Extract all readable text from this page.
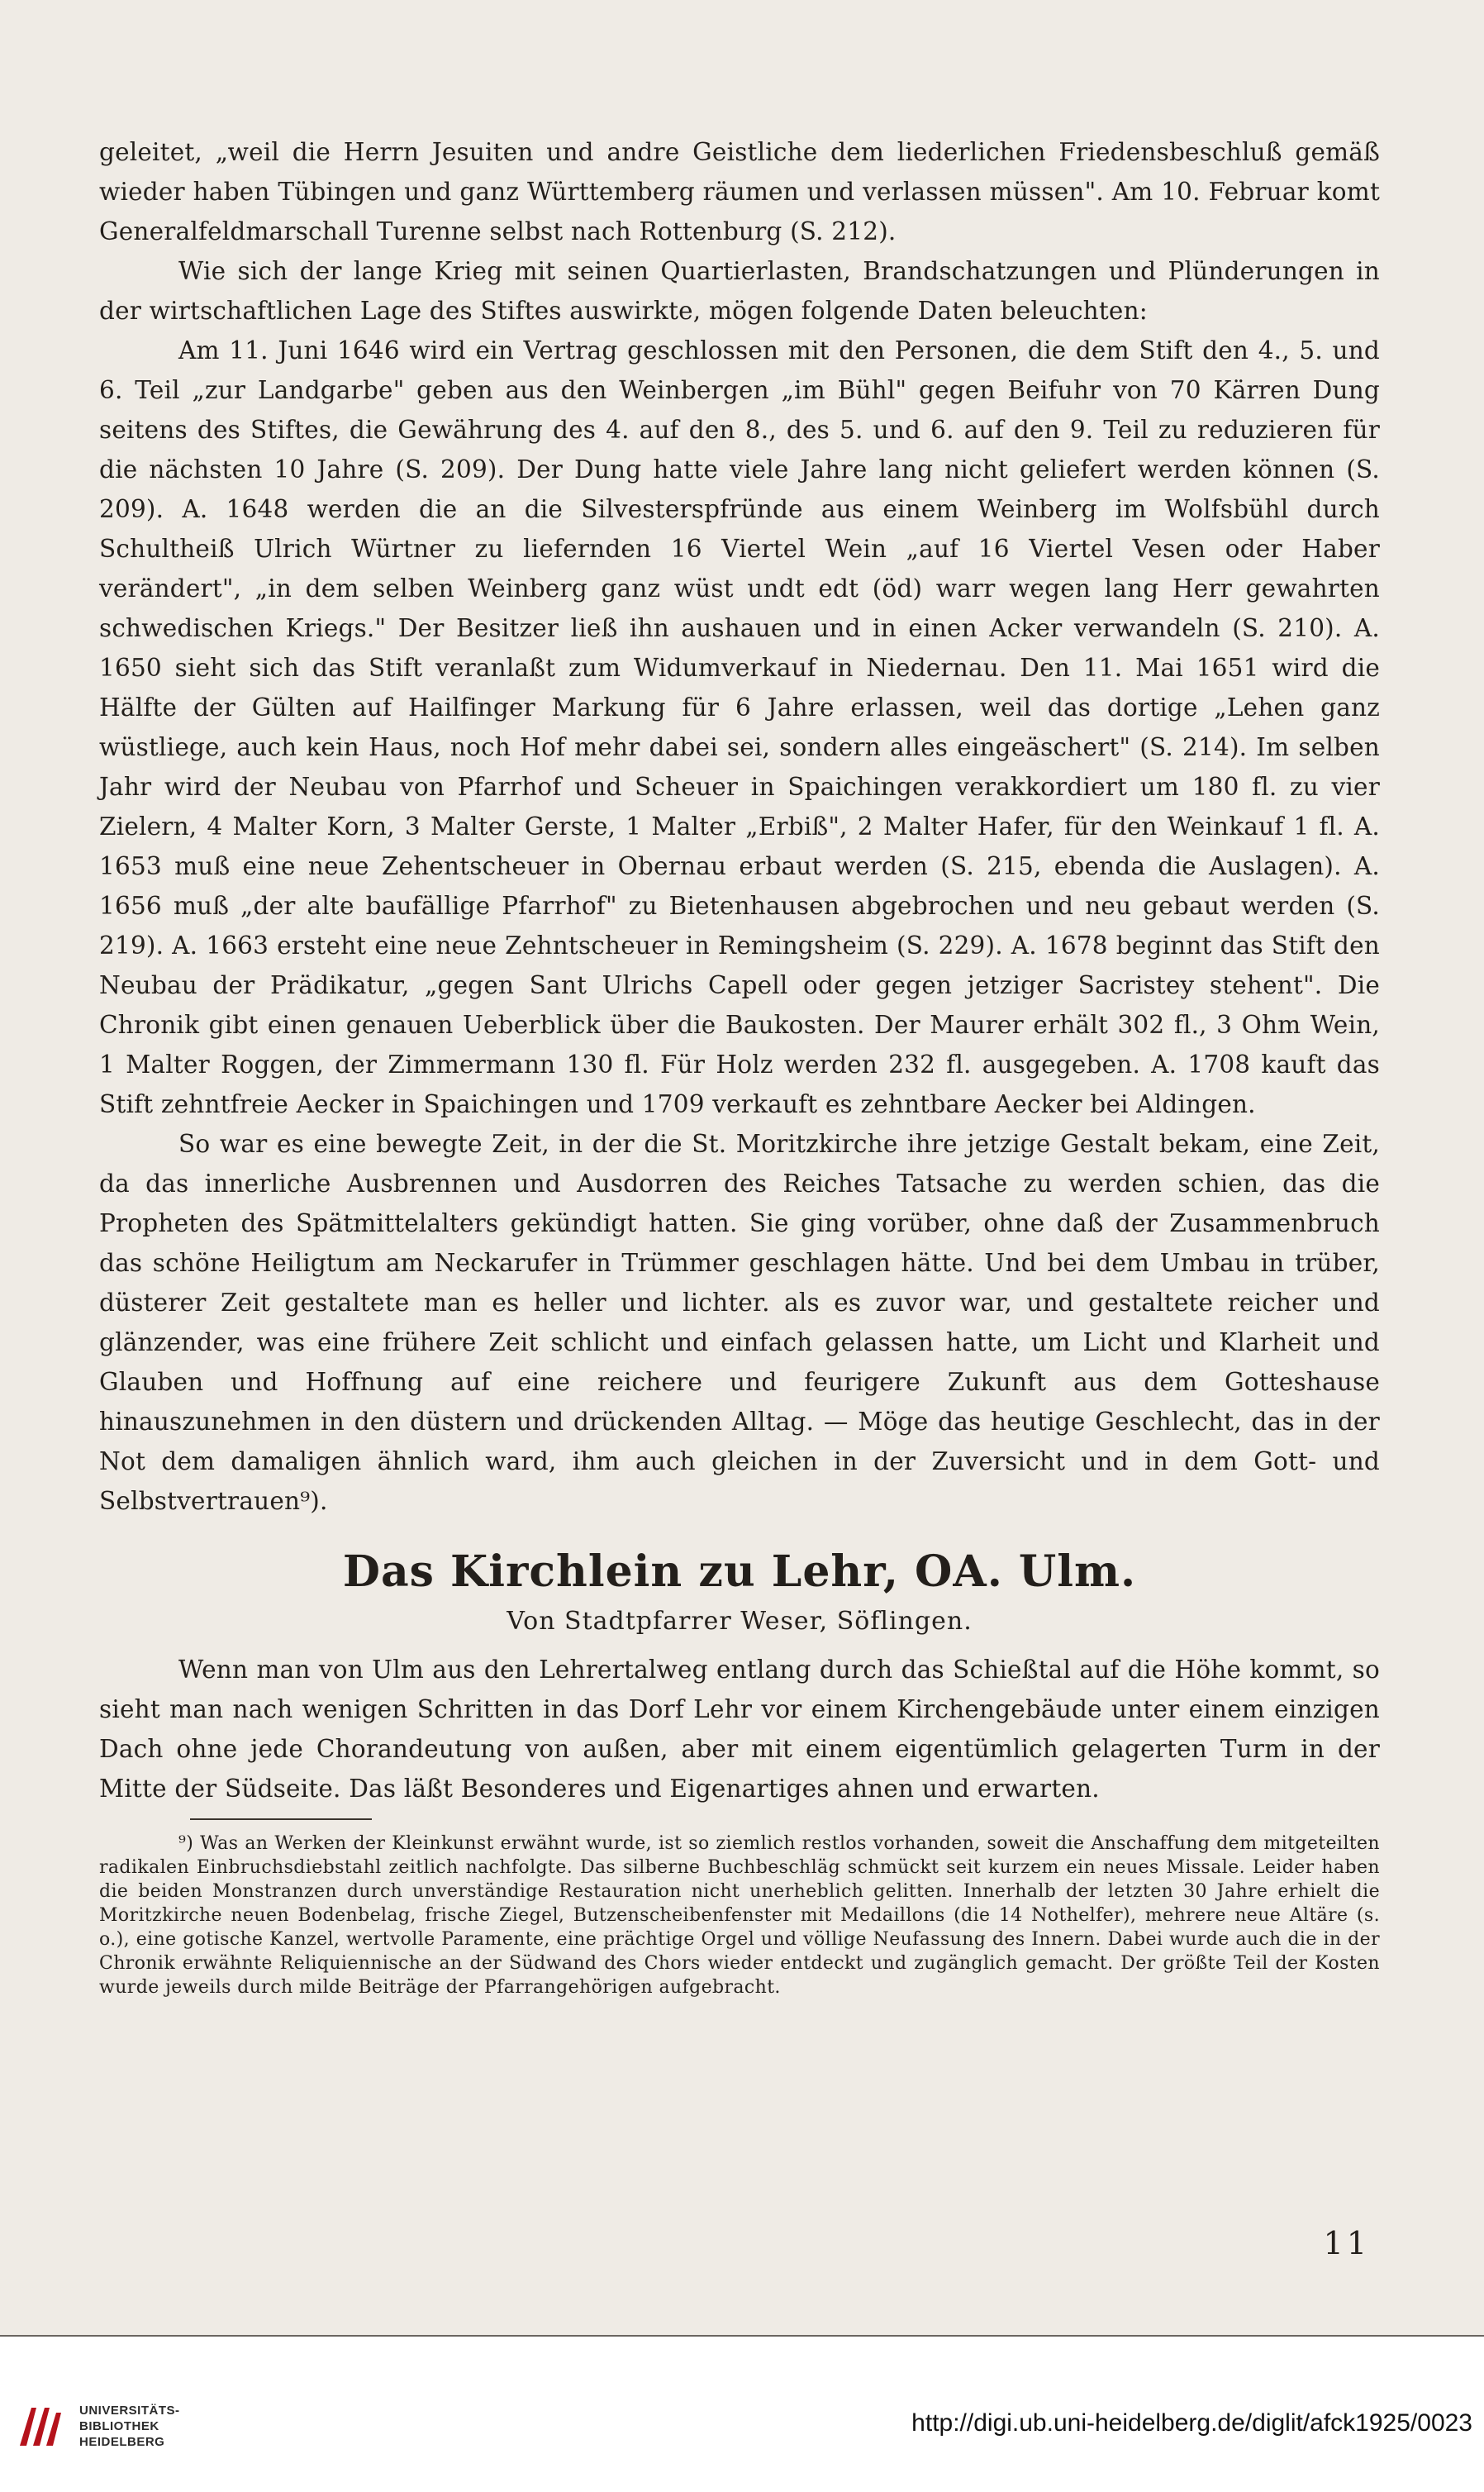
geleitet, „weil die Herrn Jesuiten und andre Geistliche dem liederlichen Friedensbeschluß gemäß wieder haben Tübingen und ganz Württemberg räumen und verlassen müssen". Am 10. Februar komt Generalfeldmarschall Turenne selbst nach Rottenburg (S. 212).

Wie sich der lange Krieg mit seinen Quartierlasten, Brandschatzungen und Plünderungen in der wirtschaftlichen Lage des Stiftes auswirkte, mögen folgende Daten beleuchten:

Am 11. Juni 1646 wird ein Vertrag geschlossen mit den Personen, die dem Stift den 4., 5. und 6. Teil „zur Landgarbe" geben aus den Weinbergen „im Bühl" gegen Beifuhr von 70 Kärren Dung seitens des Stiftes, die Gewährung des 4. auf den 8., des 5. und 6. auf den 9. Teil zu reduzieren für die nächsten 10 Jahre (S. 209). Der Dung hatte viele Jahre lang nicht geliefert werden können (S. 209). A. 1648 werden die an die Silvesterspfründe aus einem Weinberg im Wolfsbühl durch Schultheiß Ulrich Würtner zu liefernden 16 Viertel Wein „auf 16 Viertel Vesen oder Haber verändert", „in dem selben Weinberg ganz wüst undt edt (öd) warr wegen lang Herr gewahrten schwedischen Kriegs." Der Besitzer ließ ihn aushauen und in einen Acker verwandeln (S. 210). A. 1650 sieht sich das Stift veranlaßt zum Widumverkauf in Niedernau. Den 11. Mai 1651 wird die Hälfte der Gülten auf Hailfinger Markung für 6 Jahre erlassen, weil das dortige „Lehen ganz wüstliege, auch kein Haus, noch Hof mehr dabei sei, sondern alles eingeäschert" (S. 214). Im selben Jahr wird der Neubau von Pfarrhof und Scheuer in Spaichingen verakkordiert um 180 fl. zu vier Zielern, 4 Malter Korn, 3 Malter Gerste, 1 Malter „Erbiß", 2 Malter Hafer, für den Weinkauf 1 fl. A. 1653 muß eine neue Zehentscheuer in Obernau erbaut werden (S. 215, ebenda die Auslagen). A. 1656 muß „der alte baufällige Pfarrhof" zu Bietenhausen abgebrochen und neu gebaut werden (S. 219). A. 1663 ersteht eine neue Zehntscheuer in Remingsheim (S. 229). A. 1678 beginnt das Stift den Neubau der Prädikatur, „gegen Sant Ulrichs Capell oder gegen jetziger Sacristey stehent". Die Chronik gibt einen genauen Ueberblick über die Baukosten. Der Maurer erhält 302 fl., 3 Ohm Wein, 1 Malter Roggen, der Zimmermann 130 fl. Für Holz werden 232 fl. ausgegeben. A. 1708 kauft das Stift zehntfreie Aecker in Spaichingen und 1709 verkauft es zehntbare Aecker bei Aldingen.

So war es eine bewegte Zeit, in der die St. Moritzkirche ihre jetzige Gestalt bekam, eine Zeit, da das innerliche Ausbrennen und Ausdorren des Reiches Tatsache zu werden schien, das die Propheten des Spätmittelalters gekündigt hatten. Sie ging vorüber, ohne daß der Zusammenbruch das schöne Heiligtum am Neckarufer in Trümmer geschlagen hätte. Und bei dem Umbau in trüber, düsterer Zeit gestaltete man es heller und lichter. als es zuvor war, und gestaltete reicher und glänzender, was eine frühere Zeit schlicht und einfach gelassen hatte, um Licht und Klarheit und Glauben und Hoffnung auf eine reichere und feurigere Zukunft aus dem Gotteshause hinauszunehmen in den düstern und drückenden Alltag. — Möge das heutige Geschlecht, das in der Not dem damaligen ähnlich ward, ihm auch gleichen in der Zuversicht und in dem Gott- und Selbstvertrauen⁹).

Das Kirchlein zu Lehr, OA. Ulm.
Von Stadtpfarrer Weser, Söflingen.

Wenn man von Ulm aus den Lehrertalweg entlang durch das Schießtal auf die Höhe kommt, so sieht man nach wenigen Schritten in das Dorf Lehr vor einem Kirchengebäude unter einem einzigen Dach ohne jede Chorandeutung von außen, aber mit einem eigentümlich gelagerten Turm in der Mitte der Südseite. Das läßt Besonderes und Eigenartiges ahnen und erwarten.

⁹) Was an Werken der Kleinkunst erwähnt wurde, ist so ziemlich restlos vorhanden, soweit die Anschaffung dem mitgeteilten radikalen Einbruchsdiebstahl zeitlich nachfolgte. Das silberne Buchbeschläg schmückt seit kurzem ein neues Missale. Leider haben die beiden Monstranzen durch unverständige Restauration nicht unerheblich gelitten. Innerhalb der letzten 30 Jahre erhielt die Moritzkirche neuen Bodenbelag, frische Ziegel, Butzenscheibenfenster mit Medaillons (die 14 Nothelfer), mehrere neue Altäre (s. o.), eine gotische Kanzel, wertvolle Paramente, eine prächtige Orgel und völlige Neufassung des Innern. Dabei wurde auch die in der Chronik erwähnte Reliquiennische an der Südwand des Chors wieder entdeckt und zugänglich gemacht. Der größte Teil der Kosten wurde jeweils durch milde Beiträge der Pfarrangehörigen aufgebracht.

11
UNIVERSITÄTS-
BIBLIOTHEK
HEIDELBERG
http://digi.ub.uni-heidelberg.de/diglit/afck1925/0023
